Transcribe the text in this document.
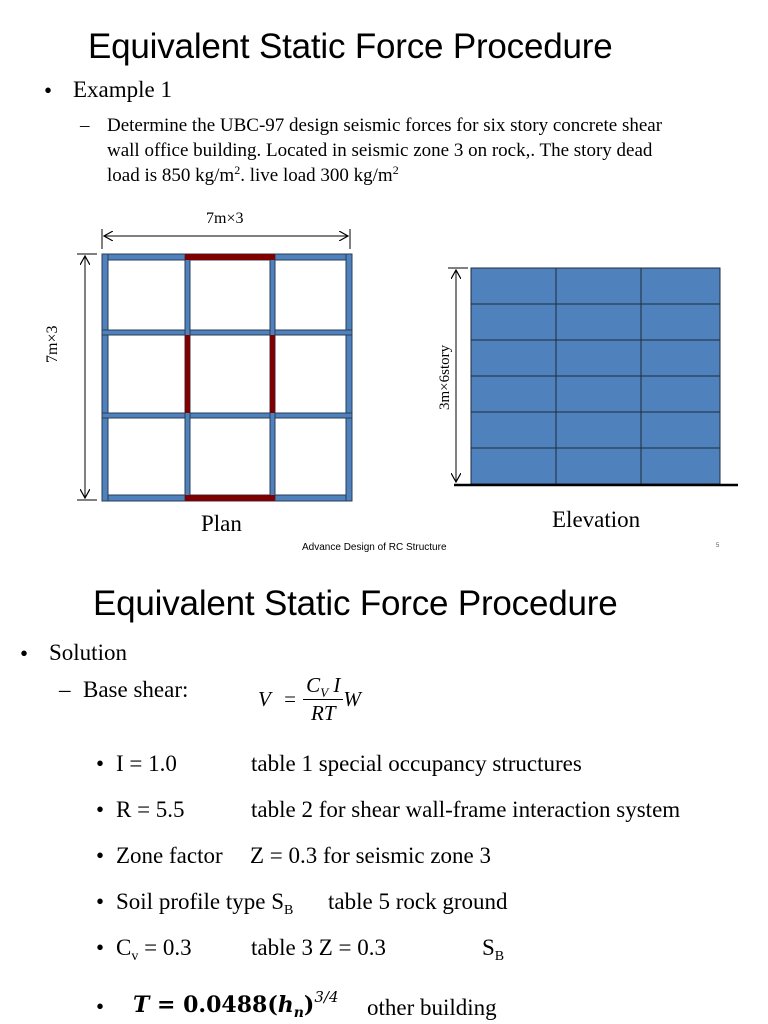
Equivalent Static Force Procedure
• Example 1
– Determine the UBC-97 design seismic forces for six story concrete shear
wall office building. Located in seismic zone 3 on rock,. The story dead
load is 850 $kg/m^2$. live load 300 $kg/m^2$
7m×3
7m×3
3m×6story
Plan	Elevation
Advance Design of RC Structure	5
Equivalent Static Force Procedure
• Solution
– Base shear:	$V = \frac{C_V I}{RT}$ W
• I = 1.0	table 1 special occupancy structures
• R = 5.5	table 2 for shear wall-frame interaction system
• Zone factor Z = 0.3 for seismic zone 3
• Soil profile type $S_B$ table 5 rock ground
• $C_v = 0.3$	table 3 Z = 0.3	$S_B$
• $T = 0.0488(h_n)^{3/4}$ other building
